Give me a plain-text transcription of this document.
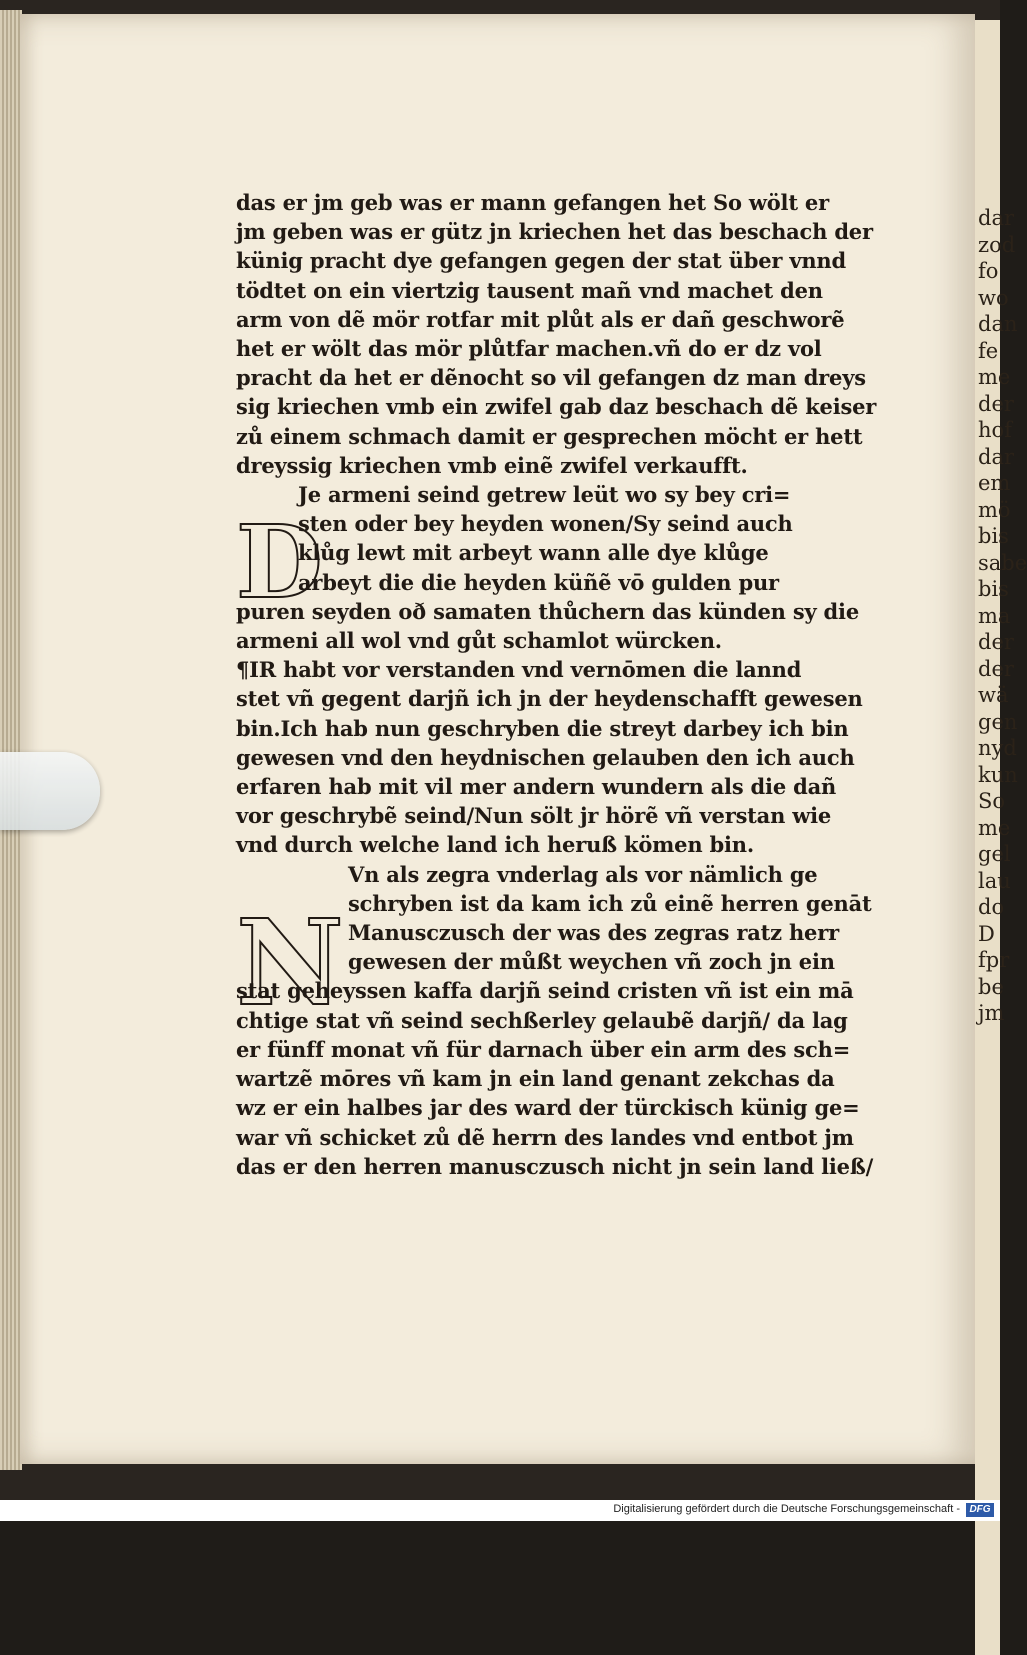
dar
zod
fo
wo
dan
fe
me
der
hof
dar
em
mö
bis
sabe
bis
ma
der
der
wä
gen
nyd
kun
So
me
gel
lau
do
D
fpr
be
jm
das er jm geb was er mann gefangen het So wölt er
jm geben was er gütz jn kriechen het das beschach der
künig pracht dye gefangen gegen der stat über vnnd
tödtet on ein viertzig tausent mañ vnd machet den
arm von dẽ mör rotfar mit plůt als er dañ geschworẽ
het er wölt das mör plůtfar machen.vñ do er dz vol
pracht da het er dẽnocht so vil gefangen dz man dreys
sig kriechen vmb ein zwifel gab daz beschach dẽ keiser
zů einem schmach damit er gesprechen möcht er hett
dreyssig kriechen vmb einẽ zwifel verkaufft.
Je armeni seind getrew leüt wo sy bey cri=
sten oder bey heyden wonen/Sy seind auch
klůg lewt mit arbeyt wann alle dye klůge
arbeyt die die heyden küñẽ vō gulden pur
puren seyden oð samaten thůchern das künden sy die
armeni all wol vnd gůt schamlot würcken.
¶IR habt vor verstanden vnd vernōmen die lannd
stet vñ gegent darjñ ich jn der heydenschafft gewesen
bin.Ich hab nun geschryben die streyt darbey ich bin
gewesen vnd den heydnischen gelauben den ich auch
erfaren hab mit vil mer andern wundern als die dañ
vor geschrybẽ seind/Nun sölt jr hörẽ vñ verstan wie
vnd durch welche land ich heruß kömen bin.
Vn als zegra vnderlag als vor nämlich ge
schryben ist da kam ich zů einẽ herren genāt
Manusczusch der was des zegras ratz herr
gewesen der můßt weychen vñ zoch jn ein
stat geheyssen kaffa darjñ seind cristen vñ ist ein mā
chtige stat vñ seind sechßerley gelaubẽ darjñ/ da lag
er fünff monat vñ für darnach über ein arm des sch=
wartzẽ mōres vñ kam jn ein land genant zekchas da
wz er ein halbes jar des ward der türckisch künig ge=
war vñ schicket zů dẽ herrn des landes vnd entbot jm
das er den herren manusczusch nicht jn sein land ließ/
D
N
Digitalisierung gefördert durch die Deutsche Forschungsgemeinschaft - DFG
